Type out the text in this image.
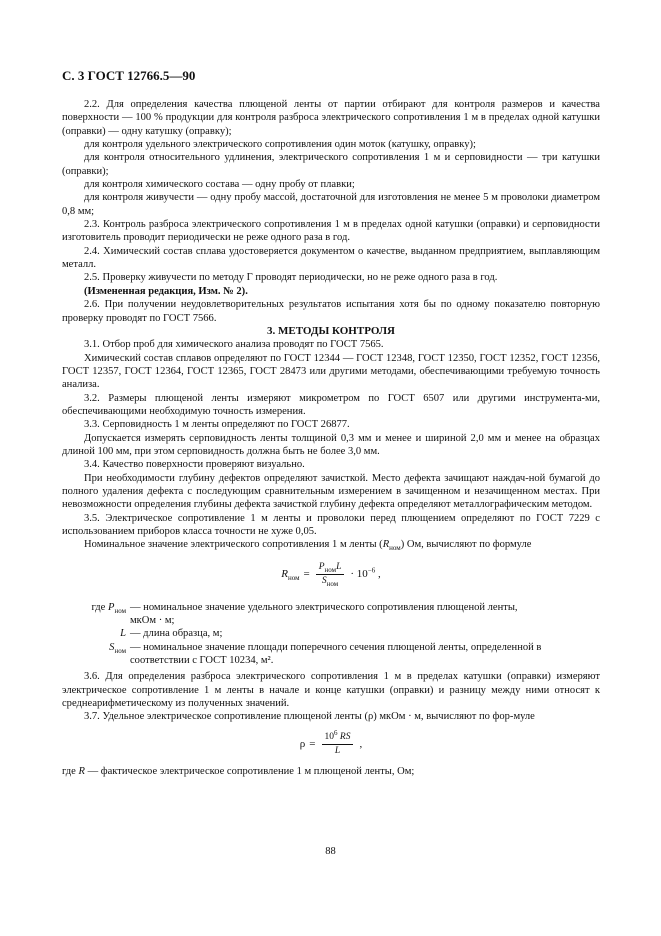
С. 3 ГОСТ 12766.5—90

2.2. Для определения качества плющеной ленты от партии отбирают для контроля размеров и качества поверхности — 100 % продукции для контроля разброса электрического сопротивления 1 м в пределах одной катушки (оправки) — одну катушку (оправку);

для контроля удельного электрического сопротивления один моток (катушку, оправку);

для контроля относительного удлинения, электрического сопротивления 1 м и серповидности — три катушки (оправки);

для контроля химического состава — одну пробу от плавки;

для контроля живучести — одну пробу массой, достаточной для изготовления не менее 5 м проволоки диаметром 0,8 мм;

2.3. Контроль разброса электрического сопротивления 1 м в пределах одной катушки (оправки) и серповидности изготовитель проводит периодически не реже одного раза в год.

2.4. Химический состав сплава удостоверяется документом о качестве, выданном предприятием, выплавляющим металл.

2.5. Проверку живучести по методу Г проводят периодически, но не реже одного раза в год.

(Измененная редакция, Изм. № 2).

2.6. При получении неудовлетворительных результатов испытания хотя бы по одному показателю повторную проверку проводят по ГОСТ 7566.

3. МЕТОДЫ КОНТРОЛЯ

3.1. Отбор проб для химического анализа проводят по ГОСТ 7565.

Химический состав сплавов определяют по ГОСТ 12344 — ГОСТ 12348, ГОСТ 12350, ГОСТ 12352, ГОСТ 12356, ГОСТ 12357, ГОСТ 12364, ГОСТ 12365, ГОСТ 28473 или другими методами, обеспечивающими требуемую точность анализа.

3.2. Размеры плющеной ленты измеряют микрометром по ГОСТ 6507 или другими инструмента-ми, обеспечивающими необходимую точность измерения.

3.3. Серповидность 1 м ленты определяют по ГОСТ 26877.

Допускается измерять серповидность ленты толщиной 0,3 мм и менее и шириной 2,0 мм и менее на образцах длиной 100 мм, при этом серповидность должна быть не более 3,0 мм.

3.4. Качество поверхности проверяют визуально.

При необходимости глубину дефектов определяют зачисткой. Место дефекта зачищают наждач-ной бумагой до полного удаления дефекта с последующим сравнительным измерением в зачищенном и незачищенном местах. При невозможности определения глубины дефекта зачисткой глубину дефекта определяют металлографическим методом.

3.5. Электрическое сопротивление 1 м ленты и проволоки перед плющением определяют по ГОСТ 7229 с использованием приборов класса точности не хуже 0,05.

Номинальное значение электрического сопротивления 1 м ленты $(R_{ном})$ Ом, вычисляют по формуле

$R_{ном} = \frac{P_{ном}L}{S_{ном}} \cdot 10^{-6}$ ,
где $P_{ном}$ — номинальное значение удельного электрического сопротивления плющеной ленты,
мкОм · м;
L — длина образца, м;
$S_{ном}$ — номинальное значение площади поперечного сечения плющеной ленты, определенной в
соответствии с ГОСТ 10234, м².

3.6. Для определения разброса электрического сопротивления 1 м в пределах катушки (оправки) измеряют электрическое сопротивление 1 м ленты в начале и конце катушки (оправки) и разницу между ними относят к среднеарифметическому из полученных значений.

3.7. Удельное электрическое сопротивление плющеной ленты (ρ) мкОм · м, вычисляют по фор-муле

$\rho = \frac{10^6 RS}{L}$ ,

где R — фактическое электрическое сопротивление 1 м плющеной ленты, Ом;

88
